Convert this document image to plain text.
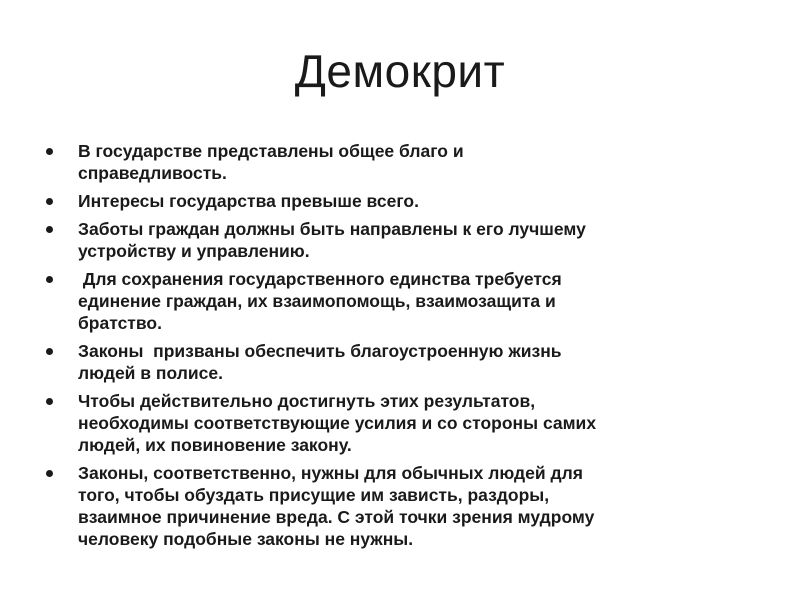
Демокрит
В государстве представлены общее благо и
справедливость.
Интересы государства превыше всего.
Заботы граждан должны быть направлены к его лучшему
устройству и управлению.
Для сохранения государственного единства требуется
единение граждан, их взаимопомощь, взаимозащита и
братство.
Законы  призваны обеспечить благоустроенную жизнь
людей в полисе.
Чтобы действительно достигнуть этих результатов,
необходимы соответствующие усилия и со стороны самих
людей, их повиновение закону.
Законы, соответственно, нужны для обычных людей для
того, чтобы обуздать присущие им зависть, раздоры,
взаимное причинение вреда. С этой точки зрения мудрому
человеку подобные законы не нужны.
